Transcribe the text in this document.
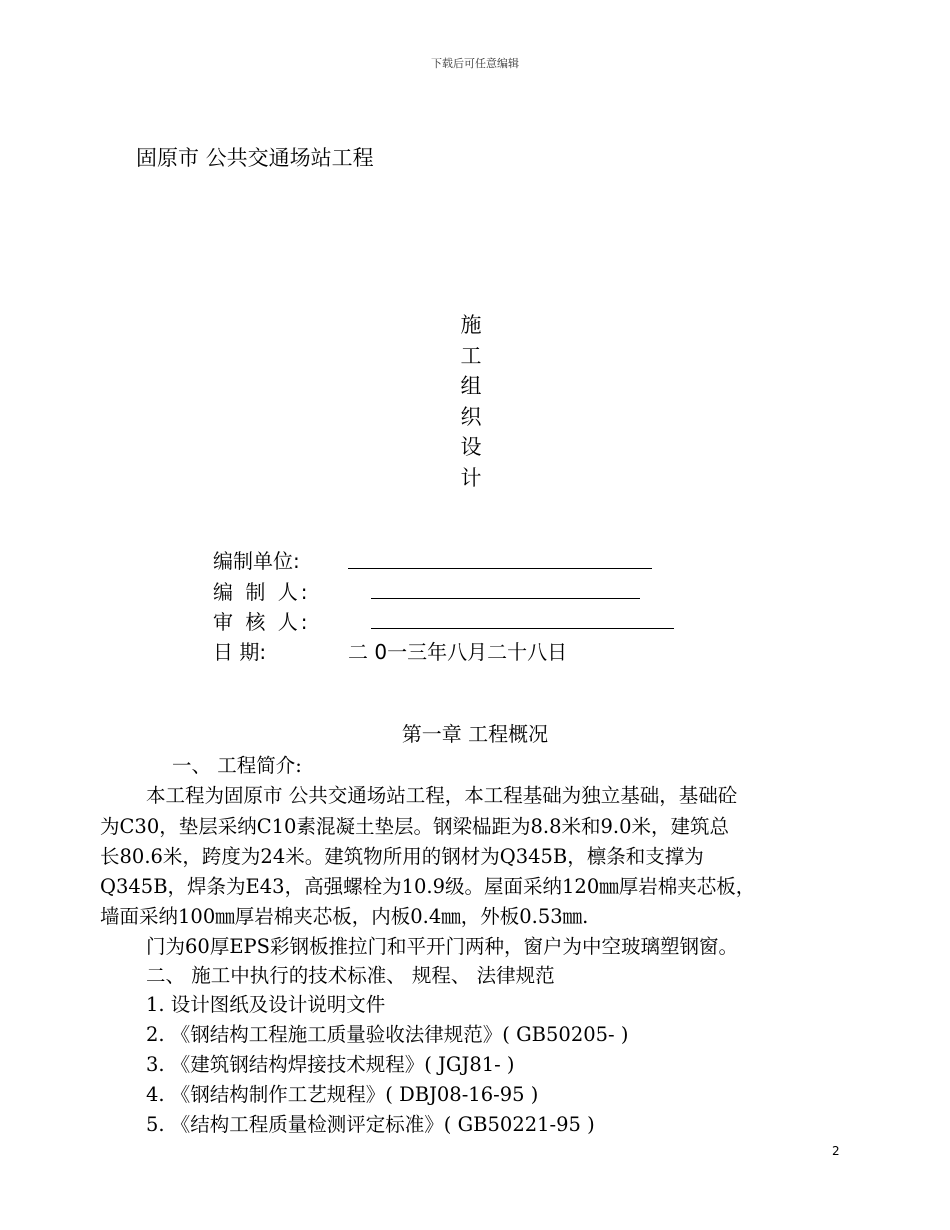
下载后可任意编辑
固原市 公共交通场站工程
施
工
组
织
设
计
编制单位:
编 制 人:
审 核 人:
日 期:	二 0一三年八月二十八日
第一章 工程概况
一、 工程简介:
本工程为固原市 公共交通场站工程，本工程基础为独立基础，基础砼
为C30，垫层采纳C10素混凝土垫层。钢梁榀距为8.8米和9.0米，建筑总
长80.6米，跨度为24米。建筑物所用的钢材为Q345B，檩条和支撑为
Q345B，焊条为E43，高强螺栓为10.9级。屋面采纳120㎜厚岩棉夹芯板，
墙面采纳100㎜厚岩棉夹芯板，内板0.4㎜，外板0.53㎜.
门为60厚EPS彩钢板推拉门和平开门两种，窗户为中空玻璃塑钢窗。
二、 施工中执行的技术标准、 规程、 法律规范
1. 设计图纸及设计说明文件
2. 《钢结构工程施工质量验收法律规范》( GB50205- )
3. 《建筑钢结构焊接技术规程》( JGJ81- )
4. 《钢结构制作工艺规程》( DBJ08-16-95 )
5. 《结构工程质量检测评定标准》( GB50221-95 )
2
